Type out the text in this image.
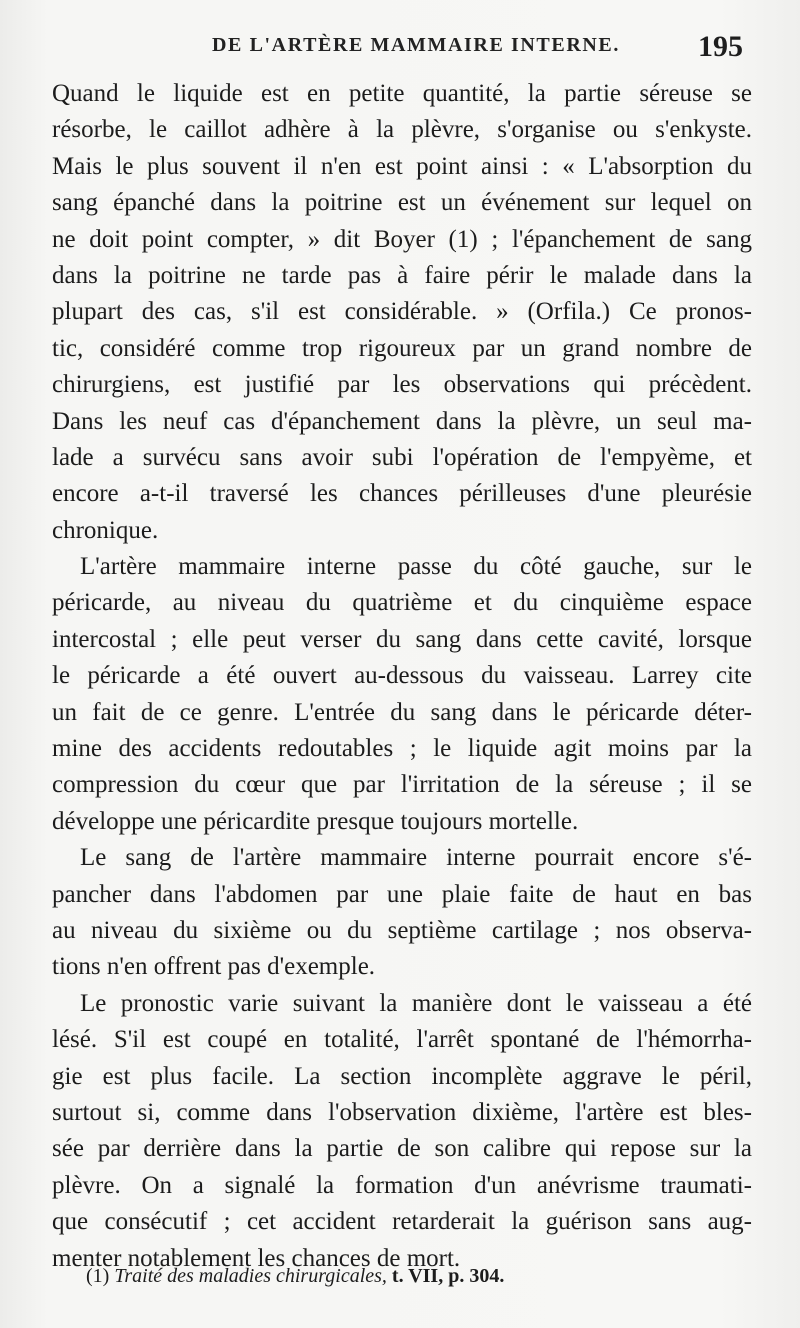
DE L'ARTÈRE MAMMAIRE INTERNE.	195
Quand le liquide est en petite quantité, la partie séreuse se
résorbe, le caillot adhère à la plèvre, s'organise ou s'enkyste.
Mais le plus souvent il n'en est point ainsi : « L'absorption du
sang épanché dans la poitrine est un événement sur lequel on
ne doit point compter, » dit Boyer (1) ; l'épanchement de sang
dans la poitrine ne tarde pas à faire périr le malade dans la
plupart des cas, s'il est considérable. » (Orfila.) Ce pronos-
tic, considéré comme trop rigoureux par un grand nombre de
chirurgiens, est justifié par les observations qui précèdent.
Dans les neuf cas d'épanchement dans la plèvre, un seul ma-
lade a survécu sans avoir subi l'opération de l'empyème, et
encore a-t-il traversé les chances périlleuses d'une pleurésie
chronique.
L'artère mammaire interne passe du côté gauche, sur le
péricarde, au niveau du quatrième et du cinquième espace
intercostal ; elle peut verser du sang dans cette cavité, lorsque
le péricarde a été ouvert au-dessous du vaisseau. Larrey cite
un fait de ce genre. L'entrée du sang dans le péricarde déter-
mine des accidents redoutables ; le liquide agit moins par la
compression du cœur que par l'irritation de la séreuse ; il se
développe une péricardite presque toujours mortelle.
Le sang de l'artère mammaire interne pourrait encore s'é-
pancher dans l'abdomen par une plaie faite de haut en bas
au niveau du sixième ou du septième cartilage ; nos observa-
tions n'en offrent pas d'exemple.
Le pronostic varie suivant la manière dont le vaisseau a été
lésé. S'il est coupé en totalité, l'arrêt spontané de l'hémorrha-
gie est plus facile. La section incomplète aggrave le péril,
surtout si, comme dans l'observation dixième, l'artère est bles-
sée par derrière dans la partie de son calibre qui repose sur la
plèvre. On a signalé la formation d'un anévrisme traumati-
que consécutif ; cet accident retarderait la guérison sans aug-
menter notablement les chances de mort.
(1) Traité des maladies chirurgicales, t. VII, p. 304.
